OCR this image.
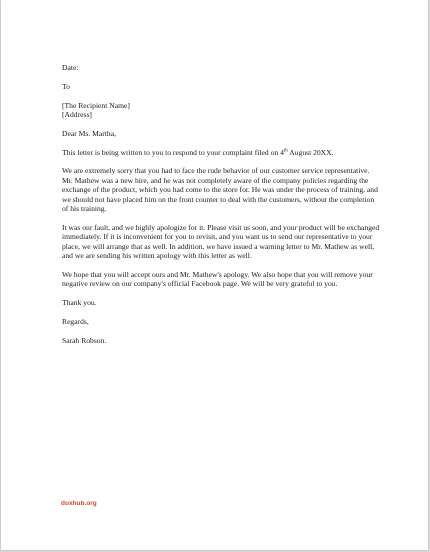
Date:

To

[The Recipient Name]

[Address]

Dear Ms. Martha,

This letter is being written to you to respond to your complaint filed on 4th August 20XX.

We are extremely sorry that you had to face the rude behavior of our customer service representative. Mr. Mathew was a new hire, and he was not completely aware of the company policies regarding the exchange of the product, which you had come to the store for. He was under the process of training, and we should not have placed him on the front counter to deal with the customers, without the completion of his training.

It was our fault, and we highly apologize for it. Please visit us soon, and your product will be exchanged immediately. If it is inconvenient for you to revisit, and you want us to send our representative to your place, we will arrange that as well. In addition, we have issued a warning letter to Mr. Mathew as well, and we are sending his written apology with this letter as well.

We hope that you will accept ours and Mr. Mathew's apology. We also hope that you will remove your negative review on our company's official Facebook page. We will be very grateful to you.

Thank you.

Regards,

Sarah Robson.

doxhub.org
